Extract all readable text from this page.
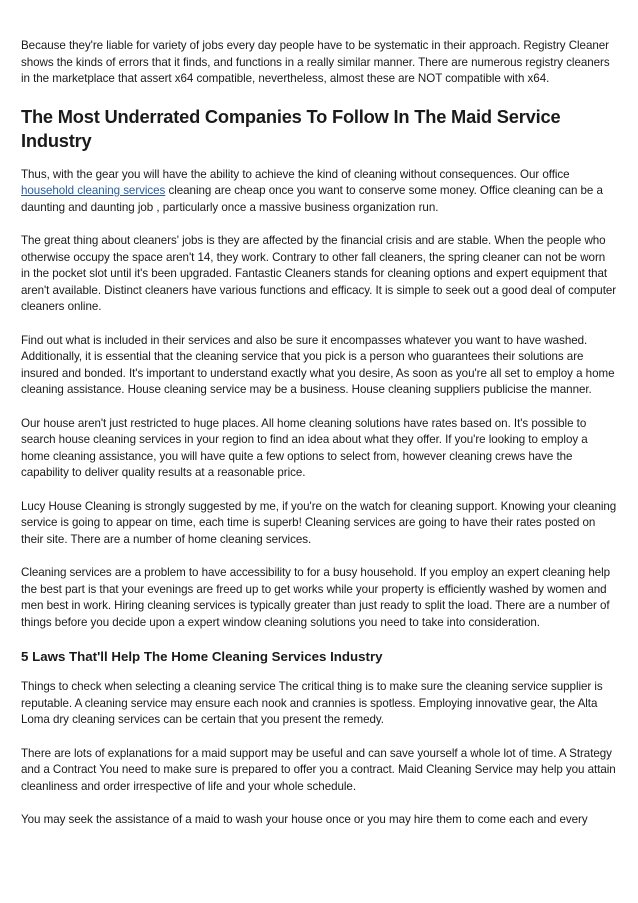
Because they're liable for variety of jobs every day people have to be systematic in their approach. Registry Cleaner shows the kinds of errors that it finds, and functions in a really similar manner. There are numerous registry cleaners in the marketplace that assert x64 compatible, nevertheless, almost these are NOT compatible with x64.

The Most Underrated Companies To Follow In The Maid Service Industry

Thus, with the gear you will have the ability to achieve the kind of cleaning without consequences. Our office household cleaning services cleaning are cheap once you want to conserve some money. Office cleaning can be a daunting and daunting job , particularly once a massive business organization run.

The great thing about cleaners' jobs is they are affected by the financial crisis and are stable. When the people who otherwise occupy the space aren't 14, they work. Contrary to other fall cleaners, the spring cleaner can not be worn in the pocket slot until it's been upgraded. Fantastic Cleaners stands for cleaning options and expert equipment that aren't available. Distinct cleaners have various functions and efficacy. It is simple to seek out a good deal of computer cleaners online.

Find out what is included in their services and also be sure it encompasses whatever you want to have washed. Additionally, it is essential that the cleaning service that you pick is a person who guarantees their solutions are insured and bonded. It's important to understand exactly what you desire, As soon as you're all set to employ a home cleaning assistance. House cleaning service may be a business. House cleaning suppliers publicise the manner.

Our house aren't just restricted to huge places. All home cleaning solutions have rates based on. It's possible to search house cleaning services in your region to find an idea about what they offer. If you're looking to employ a home cleaning assistance, you will have quite a few options to select from, however cleaning crews have the capability to deliver quality results at a reasonable price.

Lucy House Cleaning is strongly suggested by me, if you're on the watch for cleaning support. Knowing your cleaning service is going to appear on time, each time is superb! Cleaning services are going to have their rates posted on their site. There are a number of home cleaning services.

Cleaning services are a problem to have accessibility to for a busy household. If you employ an expert cleaning help the best part is that your evenings are freed up to get works while your property is efficiently washed by women and men best in work. Hiring cleaning services is typically greater than just ready to split the load. There are a number of things before you decide upon a expert window cleaning solutions you need to take into consideration.

5 Laws That'll Help The Home Cleaning Services Industry

Things to check when selecting a cleaning service The critical thing is to make sure the cleaning service supplier is reputable. A cleaning service may ensure each nook and crannies is spotless. Employing innovative gear, the Alta Loma dry cleaning services can be certain that you present the remedy.

There are lots of explanations for a maid support may be useful and can save yourself a whole lot of time. A Strategy and a Contract You need to make sure is prepared to offer you a contract. Maid Cleaning Service may help you attain cleanliness and order irrespective of life and your whole schedule.

You may seek the assistance of a maid to wash your house once or you may hire them to come each and every
